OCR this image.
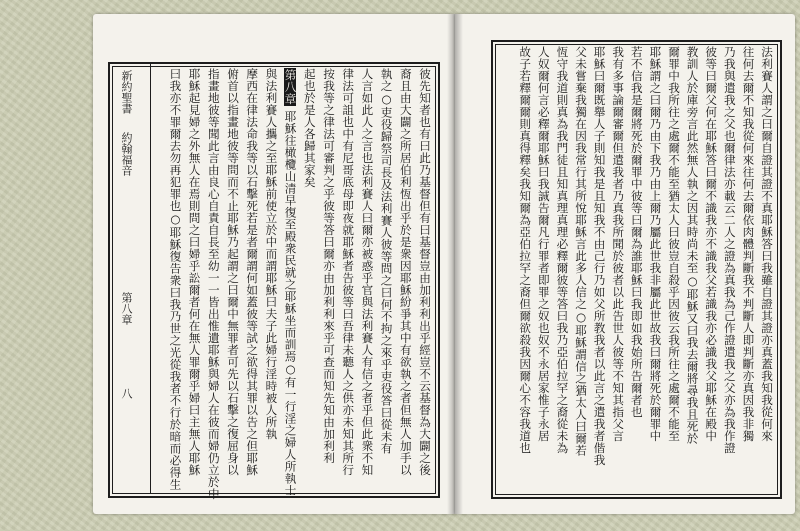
新約聖書
約翰福音
第八章
八	彼先知者也有曰此乃基督但有曰基督豈由加利利出乎經豈不云基督為大闢之後
裔且由大闢之所居伯利恆出乎於是衆因耶穌紛爭其中有欲執之者但無人加手以
執之○吏役歸祭司長及法利賽人彼等問之曰何不拘之來乎吏役答曰從未有
人言如此人之言也法利賽人曰爾亦被惑乎官與法利賽人有信之者乎但此衆不知
律法可詛也中有尼哥底母即夜就耶穌者告彼等曰吾律未聽人之供亦未知其所行
按我等之律法可審判之乎彼等答曰爾亦由加利利來乎可查而知先知由加利利
起也於是人各歸其家矣
第八章 耶穌往橄欖山清早復至殿衆民就之耶穌坐而訓焉○有一行淫之婦人所執士
與法利賽人攜之至耶穌前使立於中而謂耶穌曰夫子此婦行淫時被人所執
摩西在律法命我等以石擊死若是者爾謂何如蓋彼等試之欲得其罪以告之但耶穌
俯首以指畫地彼等問而不止耶穌乃起謂之曰爾中無罪者可先以石擊之復屈身以
指畫地彼等聞此言由良心自責自長至幼一一皆出惟遺耶穌與婦人在彼而婦仍立於中
耶穌起見婦之外無人在焉則問之曰婦乎訟爾者何在無人罪爾乎婦曰主無人耶穌
曰我亦不罪爾去勿再犯罪也○耶穌復告衆曰我乃世之光從我者不行於暗而必得生	法利賽人謂之曰爾自證其證不真耶穌答曰我雖自證其證亦真蓋我知我從何來
往何去爾不知我從何來往何去爾依肉體判斷我不判斷人即判斷亦真因我非獨
乃我與遣我之父也爾律法亦載云二人之證為真我為己作證遣我之父亦為我作證
彼等曰爾父何在耶穌答曰爾不識我亦不識我父若識我亦必識我父耶穌在殿中
教訓人於庫旁言此然無人執之因其時尚未至○耶穌又曰我去爾將尋我且死於
爾罪中我所往之處爾不能至猶太人曰彼豈自殺乎因彼云我所往之處爾不能至
耶穌謂之曰爾乃由下我乃由上爾乃屬此世我非屬此世故我曰爾將死於爾罪中
若不信我是爾將死於爾罪中彼等曰爾為誰耶穌曰我即如我始所告爾者也
我有多事論爾審爾但遣我者乃真我所聞於彼者以此告世人彼等不知其指父言
耶穌曰爾既舉人子則知我是且知我不由己行乃如父所教我者以此言之遣我者偕我
父未嘗棄我獨在因我常行其所悅耶穌言此多人信之○耶穌謂信之猶太人曰爾若
恆守我道則真為我門徒且知真理真理必釋爾彼等答曰我乃亞伯拉罕之裔從未為
人奴爾何言必釋爾耶穌曰我誠告爾凡行罪者即罪之奴也奴不永居家惟子永居
故子若釋爾爾則真得釋矣我知爾為亞伯拉罕之裔但爾欲殺我因爾心不容我道也
